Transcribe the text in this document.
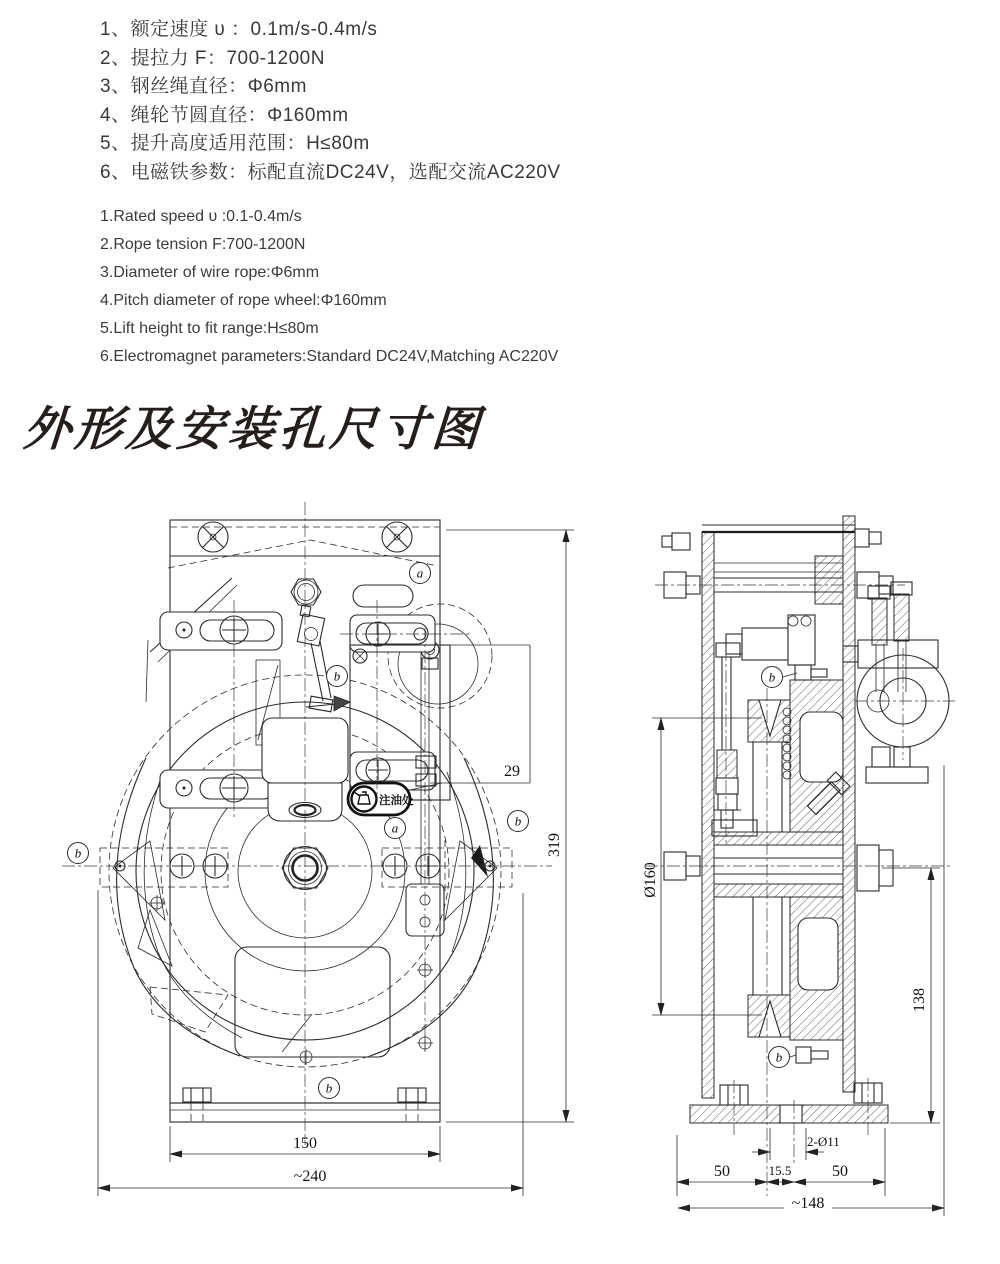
1、额定速度 υ ：0.1m/s-0.4m/s
2、提拉力 F：700-1200N
3、钢丝绳直径：Φ6mm
4、绳轮节圆直径：Φ160mm
5、提升高度适用范围：H≤80m
6、电磁铁参数：标配直流DC24V，选配交流AC220V
1.Rated speed υ :0.1-0.4m/s
2.Rope tension F:700-1200N
3.Diameter of wire rope:Φ6mm
4.Pitch diameter of rope wheel:Φ160mm
5.Lift height to fit range:H≤80m
6.Electromagnet parameters:Standard DC24V,Matching AC220V
外形及安装孔尺寸图
29
注油处
a
b
b
b
a
b
150
~240
319
b
b
Ø160
138
2-Ø11
50	15.5	50
~148
